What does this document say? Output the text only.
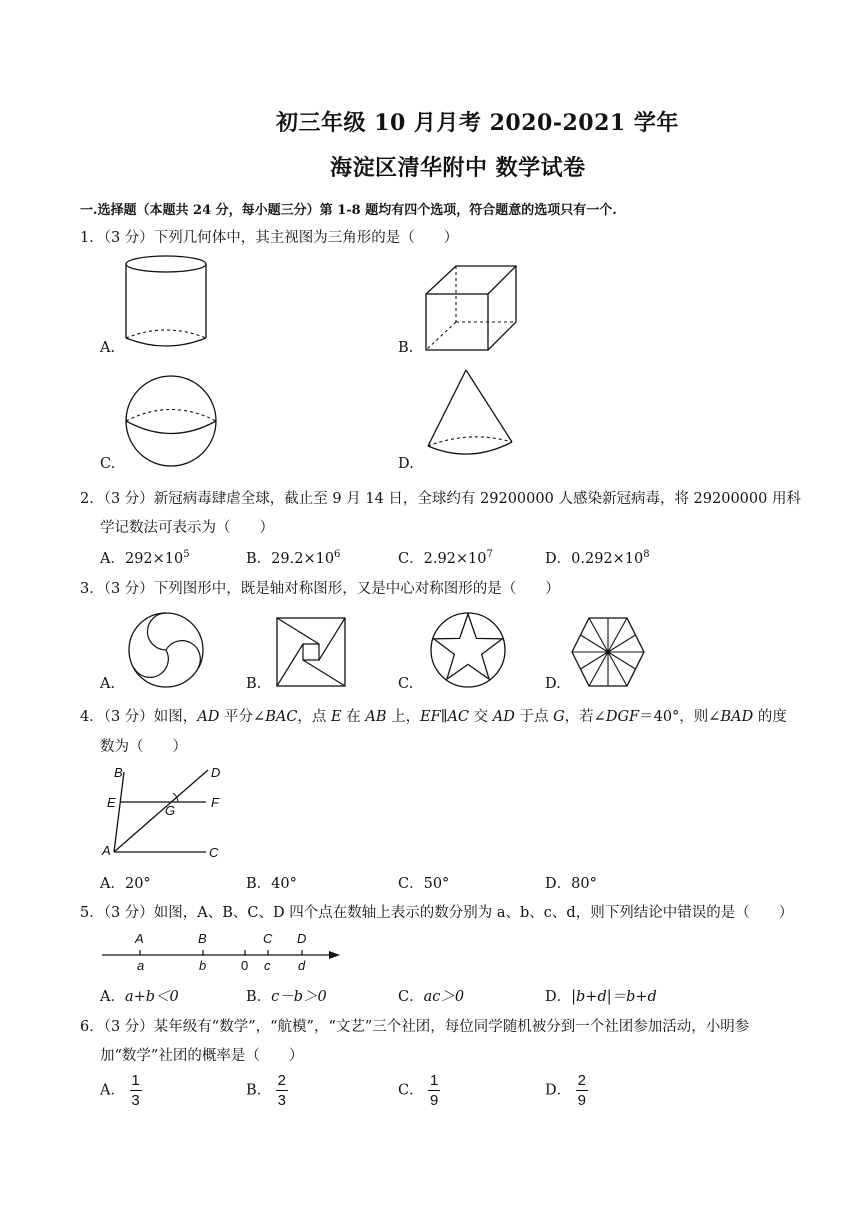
初三年级 10 月月考 2020-2021 学年
海淀区清华附中 数学试卷
一.选择题（本题共 24 分，每小题三分）第 1-8 题均有四个选项，符合题意的选项只有一个.
1．（3 分）下列几何体中，其主视图为三角形的是（　　）
A.	B.
C.	D.
2．（3 分）新冠病毒肆虐全球，截止至 9 月 14 日，全球约有 29200000 人感染新冠病毒，将 29200000 用科
学记数法可表示为（　　）
A．$292\times 10^5$	B．$29.2\times 10^6$	C．$2.92\times 10^7$	D．$0.292\times 10^8$
3．（3 分）下列图形中，既是轴对称图形，又是中心对称图形的是（　　）
A.	B.	C.	D.
4．（3 分）如图，AD 平分∠BAC，点 E 在 AB 上，EF∥AC 交 AD 于点 G，若∠DGF＝40°，则∠BAD 的度
数为（　　）
B	D
E	F
G
A	C
A．20°	B．40°	C．50°	D．80°
5．（3 分）如图，A、B、C、D 四个点在数轴上表示的数分别为 a、b、c、d，则下列结论中错误的是（　　）
A	B	C D
a	b	0 c d
A．a+b＜0	B．c－b＞0	C．ac＞0	D．|b+d|＝b+d
6．（3 分）某年级有“数学”，“航模”，“文艺”三个社团，每位同学随机被分到一个社团参加活动，小明参
加“数学”社团的概率是（　　）
A． $\frac{1}{3}$	B． $\frac{2}{3}$	C． $\frac{1}{9}$	D． $\frac{2}{9}$
